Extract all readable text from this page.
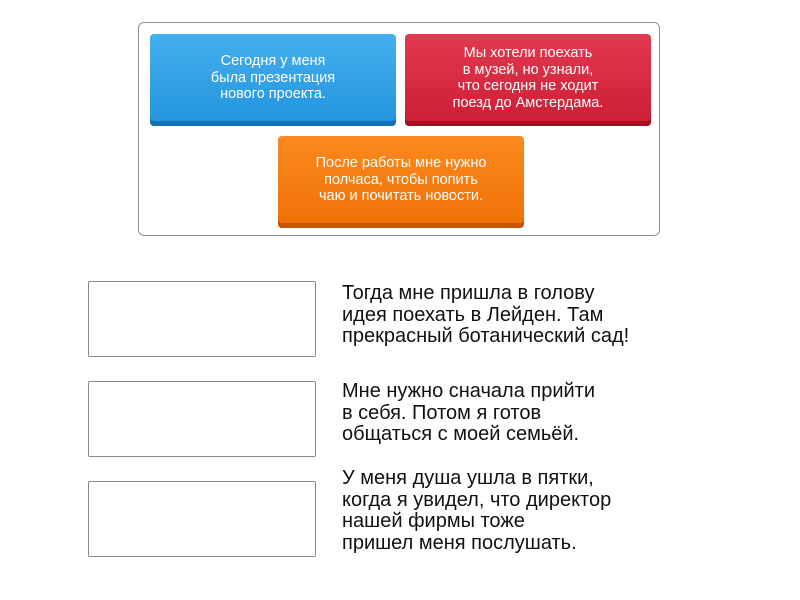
Сегодня у меня
была презентация
нового проекта.
Мы хотели поехать
в музей, но узнали,
что сегодня не ходит
поезд до Амстердама.
После работы мне нужно
полчаса, чтобы попить
чаю и почитать новости.
Тогда мне пришла в голову
идея поехать в Лейден. Там
прекрасный ботанический сад!
Мне нужно сначала прийти
в себя. Потом я готов
общаться с моей семьёй.
У меня душа ушла в пятки,
когда я увидел, что директор
нашей фирмы тоже
пришел меня послушать.
